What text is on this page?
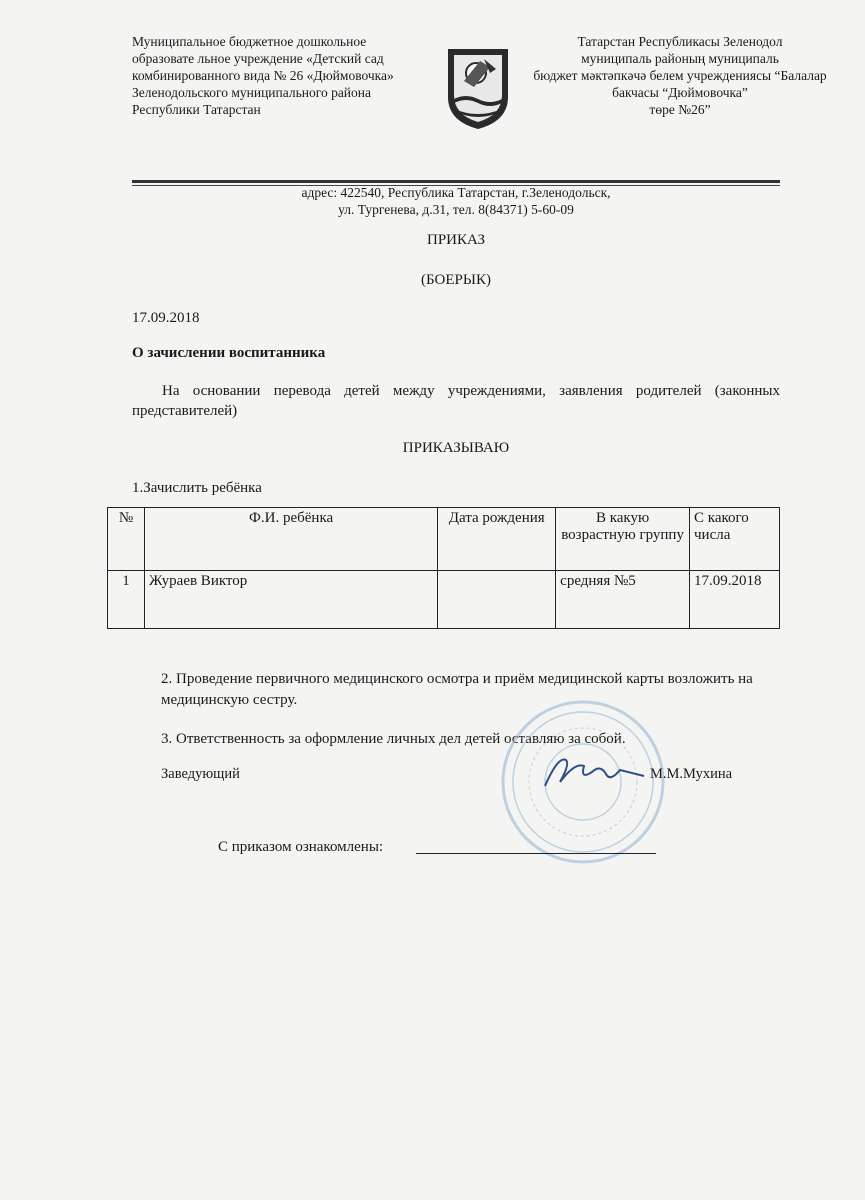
Муниципальное бюджетное дошкольное
образовате льное учреждение «Детский сад
комбинированного вида № 26 «Дюймовочка»
Зеленодольского муниципального района
Республики Татарстан
Татарстан Республикасы Зеленодол
муниципаль районың муниципаль
бюджет мәктәпкәчә белем учреждениясы “Балалар
бакчасы “Дюймовочка”
төре №26”
адрес: 422540, Республика Татарстан, г.Зеленодольск,
ул. Тургенева, д.31, тел. 8(84371) 5-60-09
ПРИКАЗ
(БОЕРЫК)
17.09.2018
О зачислении воспитанника
На основании перевода детей между учреждениями, заявления родителей (законных представителей)
ПРИКАЗЫВАЮ
1.Зачислить ребёнка
№	Ф.И. ребёнка	Дата рождения	В какую возрастную группу	С какого числа
1	Жураев Виктор		средняя №5	17.09.2018
2. Проведение первичного медицинского осмотра и приём медицинской карты возложить на медицинскую сестру.
3. Ответственность за оформление личных дел детей оставляю за собой.
Заведующий	М.М.Мухина
С приказом ознакомлены:
